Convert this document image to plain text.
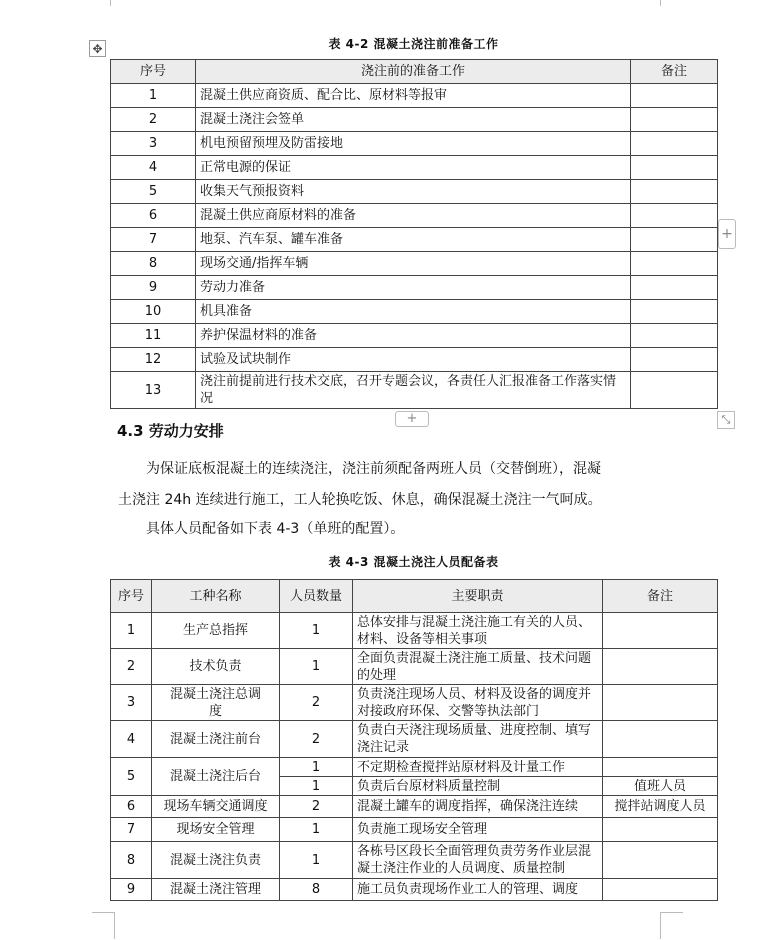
✥	表 4-2 混凝土浇注前准备工作
序号	浇注前的准备工作	备注
1	混凝土供应商资质、配合比、原材料等报审	
2	混凝土浇注会签单	
3	机电预留预埋及防雷接地	
4	正常电源的保证	
5	收集天气预报资料	
6	混凝土供应商原材料的准备	
7	地泵、汽车泵、罐车准备	
8	现场交通/指挥车辆	
9	劳动力准备	
10	机具准备	
11	养护保温材料的准备	
12	试验及试块制作	
13	浇注前提前进行技术交底，召开专题会议，各责任人汇报准备工作落实情况	
+
+	⤡
4.3 劳动力安排
为保证底板混凝土的连续浇注，浇注前须配备两班人员（交替倒班），混凝
土浇注 24h 连续进行施工，工人轮换吃饭、休息，确保混凝土浇注一气呵成。
具体人员配备如下表 4-3（单班的配置）。
表 4-3 混凝土浇注人员配备表
序号	工种名称	人员数量	主要职责	备注
1	生产总指挥	1	总体安排与混凝土浇注施工有关的人员、材料、设备等相关事项	
2	技术负责	1	全面负责混凝土浇注施工质量、技术问题的处理	
3	混凝土浇注总调度	2	负责浇注现场人员、材料及设备的调度并对接政府环保、交警等执法部门	
4	混凝土浇注前台	2	负责白天浇注现场质量、进度控制、填写浇注记录	
5	混凝土浇注后台	1	不定期检查搅拌站原材料及计量工作	
		1	负责后台原材料质量控制	值班人员
6	现场车辆交通调度	2	混凝土罐车的调度指挥，确保浇注连续	搅拌站调度人员
7	现场安全管理	1	负责施工现场安全管理	
8	混凝土浇注负责	1	各栋号区段长全面管理负责劳务作业层混凝土浇注作业的人员调度、质量控制	
9	混凝土浇注管理	8	施工员负责现场作业工人的管理、调度	
